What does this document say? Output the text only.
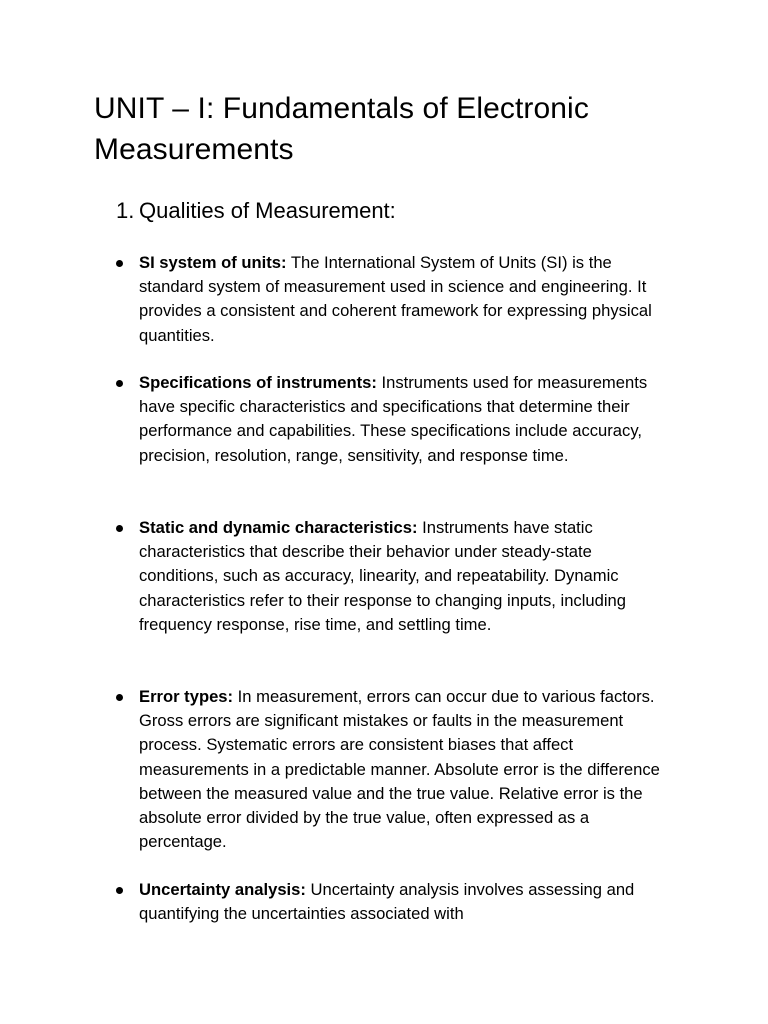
UNIT – I: Fundamentals of Electronic Measurements
1. Qualities of Measurement:
SI system of units: The International System of Units (SI) is the standard system of measurement used in science and engineering. It provides a consistent and coherent framework for expressing physical quantities.
Specifications of instruments: Instruments used for measurements have specific characteristics and specifications that determine their performance and capabilities. These specifications include accuracy, precision, resolution, range, sensitivity, and response time.
Static and dynamic characteristics: Instruments have static characteristics that describe their behavior under steady-state conditions, such as accuracy, linearity, and repeatability. Dynamic characteristics refer to their response to changing inputs, including frequency response, rise time, and settling time.
Error types: In measurement, errors can occur due to various factors. Gross errors are significant mistakes or faults in the measurement process. Systematic errors are consistent biases that affect measurements in a predictable manner. Absolute error is the difference between the measured value and the true value. Relative error is the absolute error divided by the true value, often expressed as a percentage.
Uncertainty analysis: Uncertainty analysis involves assessing and quantifying the uncertainties associated with
